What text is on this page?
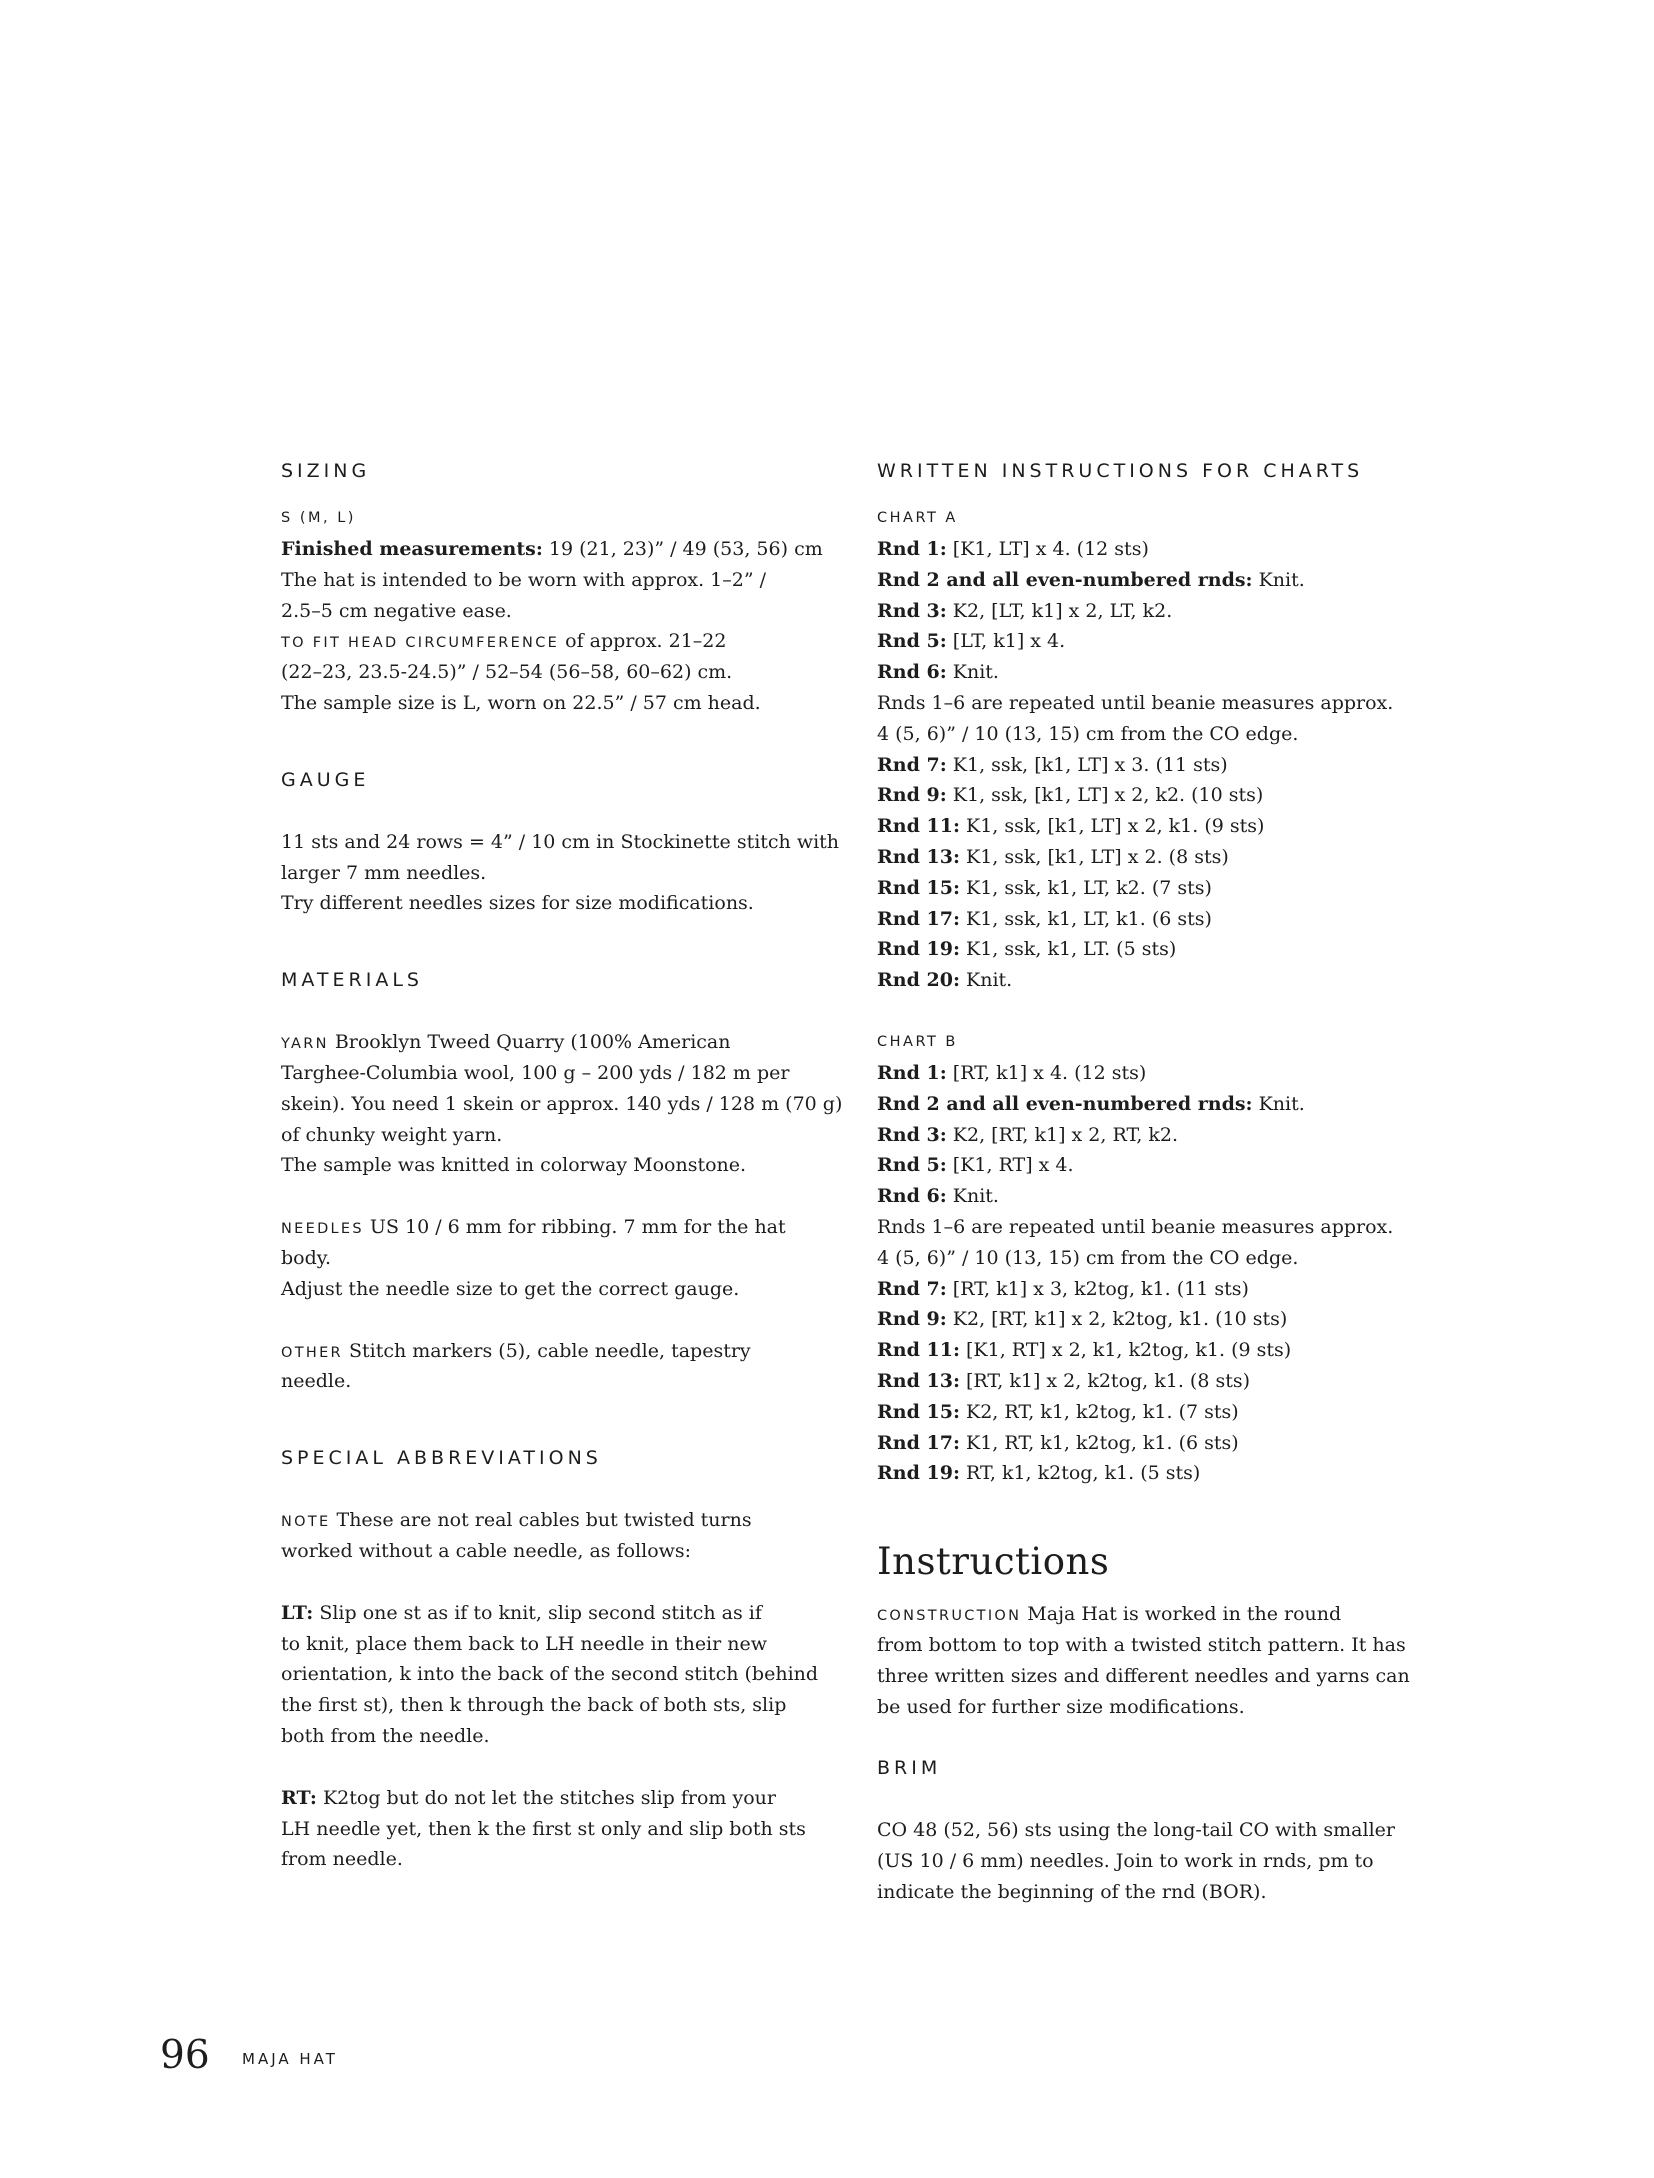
SIZING
S (M, L)
Finished measurements: 19 (21, 23)” / 49 (53, 56) cm
The hat is intended to be worn with approx. 1–2” /
2.5–5 cm negative ease.
TO FIT HEAD CIRCUMFERENCE of approx. 21–22
(22–23, 23.5-24.5)” / 52–54 (56–58, 60–62) cm.
The sample size is L, worn on 22.5” / 57 cm head.
GAUGE
11 sts and 24 rows = 4” / 10 cm in Stockinette stitch with
larger 7 mm needles.
Try different needles sizes for size modifications.
MATERIALS
YARN Brooklyn Tweed Quarry (100% American
Targhee-Columbia wool, 100 g – 200 yds / 182 m per
skein). You need 1 skein or approx. 140 yds / 128 m (70 g)
of chunky weight yarn.
The sample was knitted in colorway Moonstone.
NEEDLES US 10 / 6 mm for ribbing. 7 mm for the hat
body.
Adjust the needle size to get the correct gauge.
OTHER Stitch markers (5), cable needle, tapestry
needle.
SPECIAL ABBREVIATIONS
NOTE These are not real cables but twisted turns
worked without a cable needle, as follows:
LT: Slip one st as if to knit, slip second stitch as if
to knit, place them back to LH needle in their new
orientation, k into the back of the second stitch (behind
the first st), then k through the back of both sts, slip
both from the needle.
RT: K2tog but do not let the stitches slip from your
LH needle yet, then k the first st only and slip both sts
from needle.
WRITTEN INSTRUCTIONS FOR CHARTS
CHART A
Rnd 1: [K1, LT] x 4. (12 sts)
Rnd 2 and all even-numbered rnds: Knit.
Rnd 3: K2, [LT, k1] x 2, LT, k2.
Rnd 5: [LT, k1] x 4.
Rnd 6: Knit.
Rnds 1–6 are repeated until beanie measures approx.
4 (5, 6)” / 10 (13, 15) cm from the CO edge.
Rnd 7: K1, ssk, [k1, LT] x 3. (11 sts)
Rnd 9: K1, ssk, [k1, LT] x 2, k2. (10 sts)
Rnd 11: K1, ssk, [k1, LT] x 2, k1. (9 sts)
Rnd 13: K1, ssk, [k1, LT] x 2. (8 sts)
Rnd 15: K1, ssk, k1, LT, k2. (7 sts)
Rnd 17: K1, ssk, k1, LT, k1. (6 sts)
Rnd 19: K1, ssk, k1, LT. (5 sts)
Rnd 20: Knit.
CHART B
Rnd 1: [RT, k1] x 4. (12 sts)
Rnd 2 and all even-numbered rnds: Knit.
Rnd 3: K2, [RT, k1] x 2, RT, k2.
Rnd 5: [K1, RT] x 4.
Rnd 6: Knit.
Rnds 1–6 are repeated until beanie measures approx.
4 (5, 6)” / 10 (13, 15) cm from the CO edge.
Rnd 7: [RT, k1] x 3, k2tog, k1. (11 sts)
Rnd 9: K2, [RT, k1] x 2, k2tog, k1. (10 sts)
Rnd 11: [K1, RT] x 2, k1, k2tog, k1. (9 sts)
Rnd 13: [RT, k1] x 2, k2tog, k1. (8 sts)
Rnd 15: K2, RT, k1, k2tog, k1. (7 sts)
Rnd 17: K1, RT, k1, k2tog, k1. (6 sts)
Rnd 19: RT, k1, k2tog, k1. (5 sts)
Instructions
CONSTRUCTION Maja Hat is worked in the round
from bottom to top with a twisted stitch pattern. It has
three written sizes and different needles and yarns can
be used for further size modifications.
BRIM
CO 48 (52, 56) sts using the long-tail CO with smaller
(US 10 / 6 mm) needles. Join to work in rnds, pm to
indicate the beginning of the rnd (BOR).
96 MAJA HAT
